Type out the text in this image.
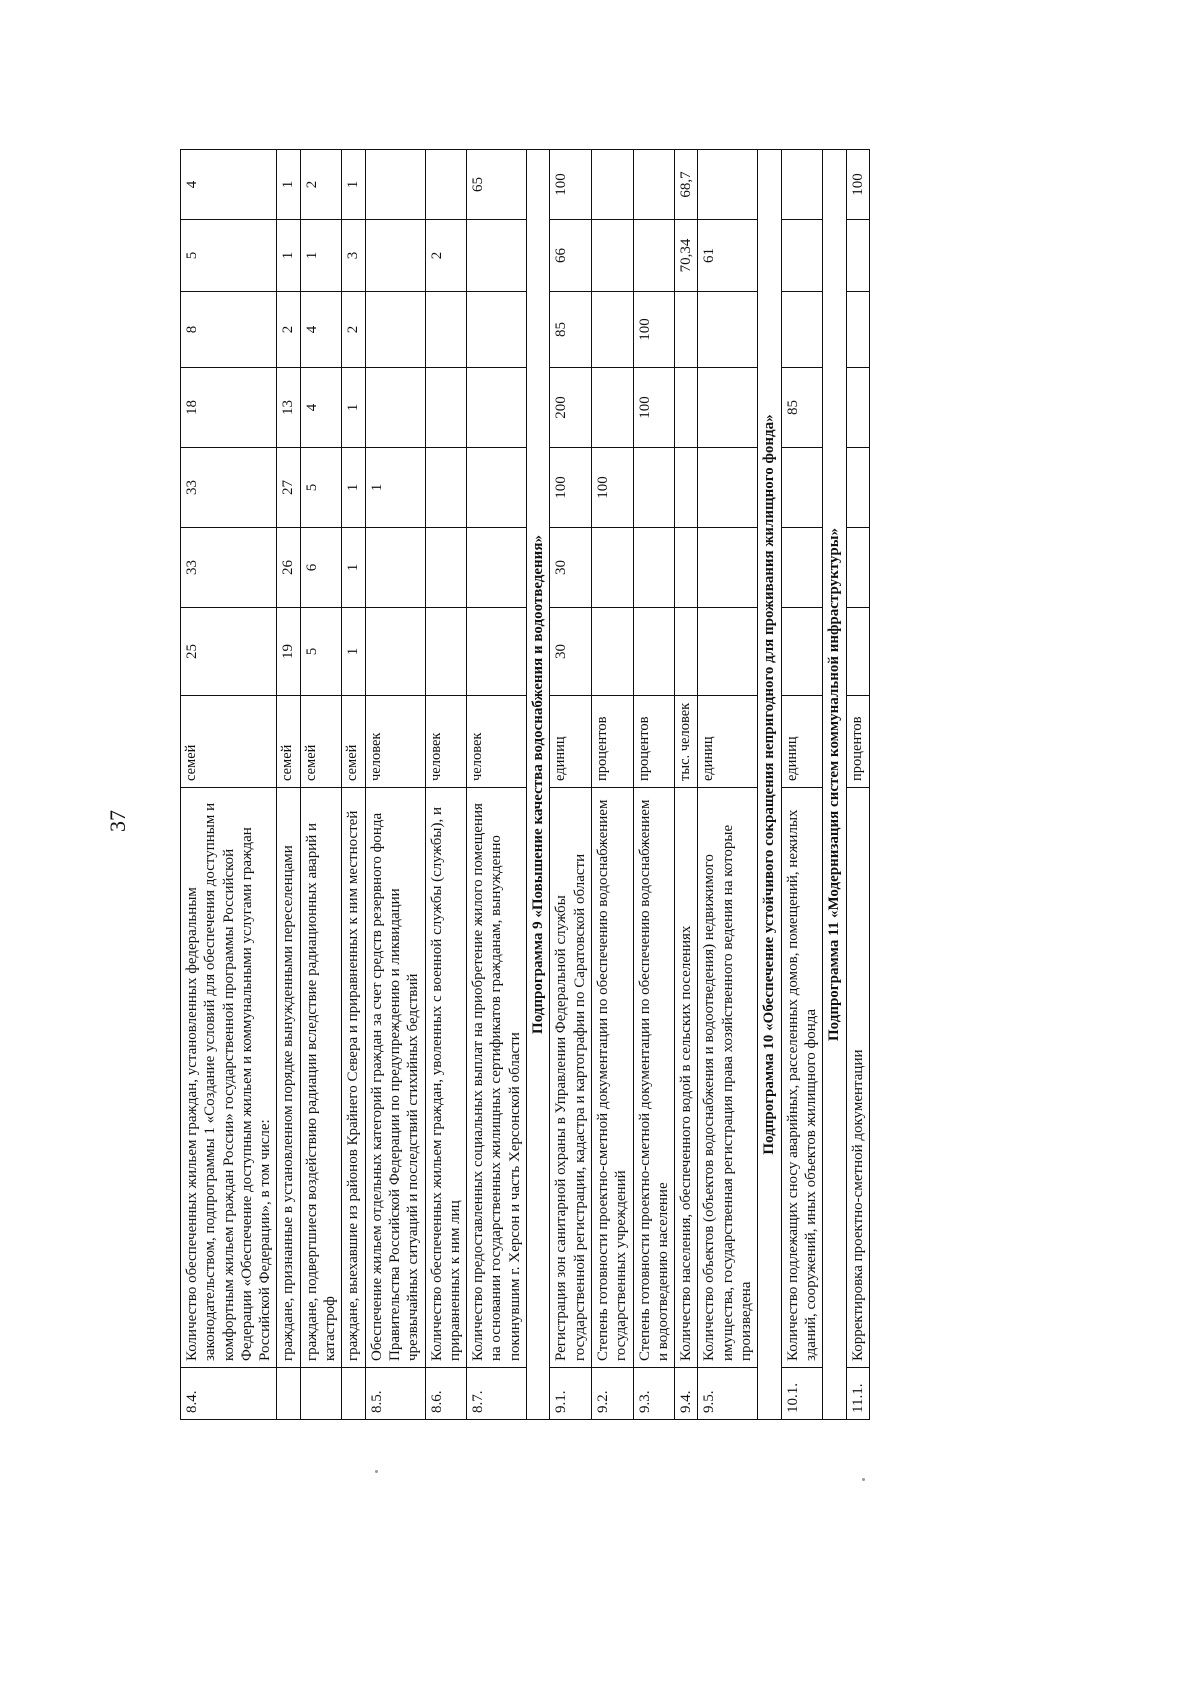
37
8.4.	Количество обеспеченных жильем граждан, установленных федеральным законодательством, подпрограммы 1 «Создание условий для обеспечения доступным и комфортным жильем граждан России» государственной программы Российской Федерации «Обеспечение доступным жильем и коммунальными услугами граждан Российской Федерации», в том числе:	семей	25	33	33	18	8	5	4
	граждане, признанные в установленном порядке вынужденными переселенцами	семей	19	26	27	13	2	1	1
	граждане, подвергшиеся воздействию радиации вследствие радиационных аварий и катастроф	семей	5	6	5	4	4	1	2
	граждане, выехавшие из районов Крайнего Севера и приравненных к ним местностей	семей	1	1	1	1	2	3	1
8.5.	Обеспечение жильем отдельных категорий граждан за счет средств резервного фонда Правительства Российской Федерации по предупреждению и ликвидации чрезвычайных ситуаций и последствий стихийных бедствий	человек			1				
8.6.	Количество обеспеченных жильем граждан, уволенных с военной службы (службы), и приравненных к ним лиц	человек						2	
8.7.	Количество предоставленных социальных выплат на приобретение жилого помещения на основании государственных жилищных сертификатов гражданам, вынужденно покинувшим г. Херсон и часть Херсонской области	человек							65
Подпрограмма 9 «Повышение качества водоснабжения и водоотведения»									
9.1.	Регистрация зон санитарной охраны в Управлении Федеральной службы государственной регистрации, кадастра и картографии по Саратовской области	единиц	30	30	100	200	85	66	100
9.2.	Степень готовности проектно-сметной документации по обеспечению водоснабжением государственных учреждений	процентов			100				
9.3.	Степень готовности проектно-сметной документации по обеспечению водоснабжением и водоотведению население	процентов				100	100		
9.4.	Количество населения, обеспеченного водой в сельских поселениях	тыс. человек						70,34	68,7
9.5.	Количество объектов (объектов водоснабжения и водоотведения) недвижимого имущества, государственная регистрация права хозяйственного ведения на которые произведена	единиц						61	
Подпрограмма 10 «Обеспечение устойчивого сокращения непригодного для проживания жилищного фонда»									
10.1.	Количество подлежащих сносу аварийных, расселенных домов, помещений, нежилых зданий, сооружений, иных объектов жилищного фонда	единиц				85			
Подпрограмма 11 «Модернизация систем коммунальной инфраструктуры»									
11.1.	Корректировка проектно-сметной документации	процентов							100
